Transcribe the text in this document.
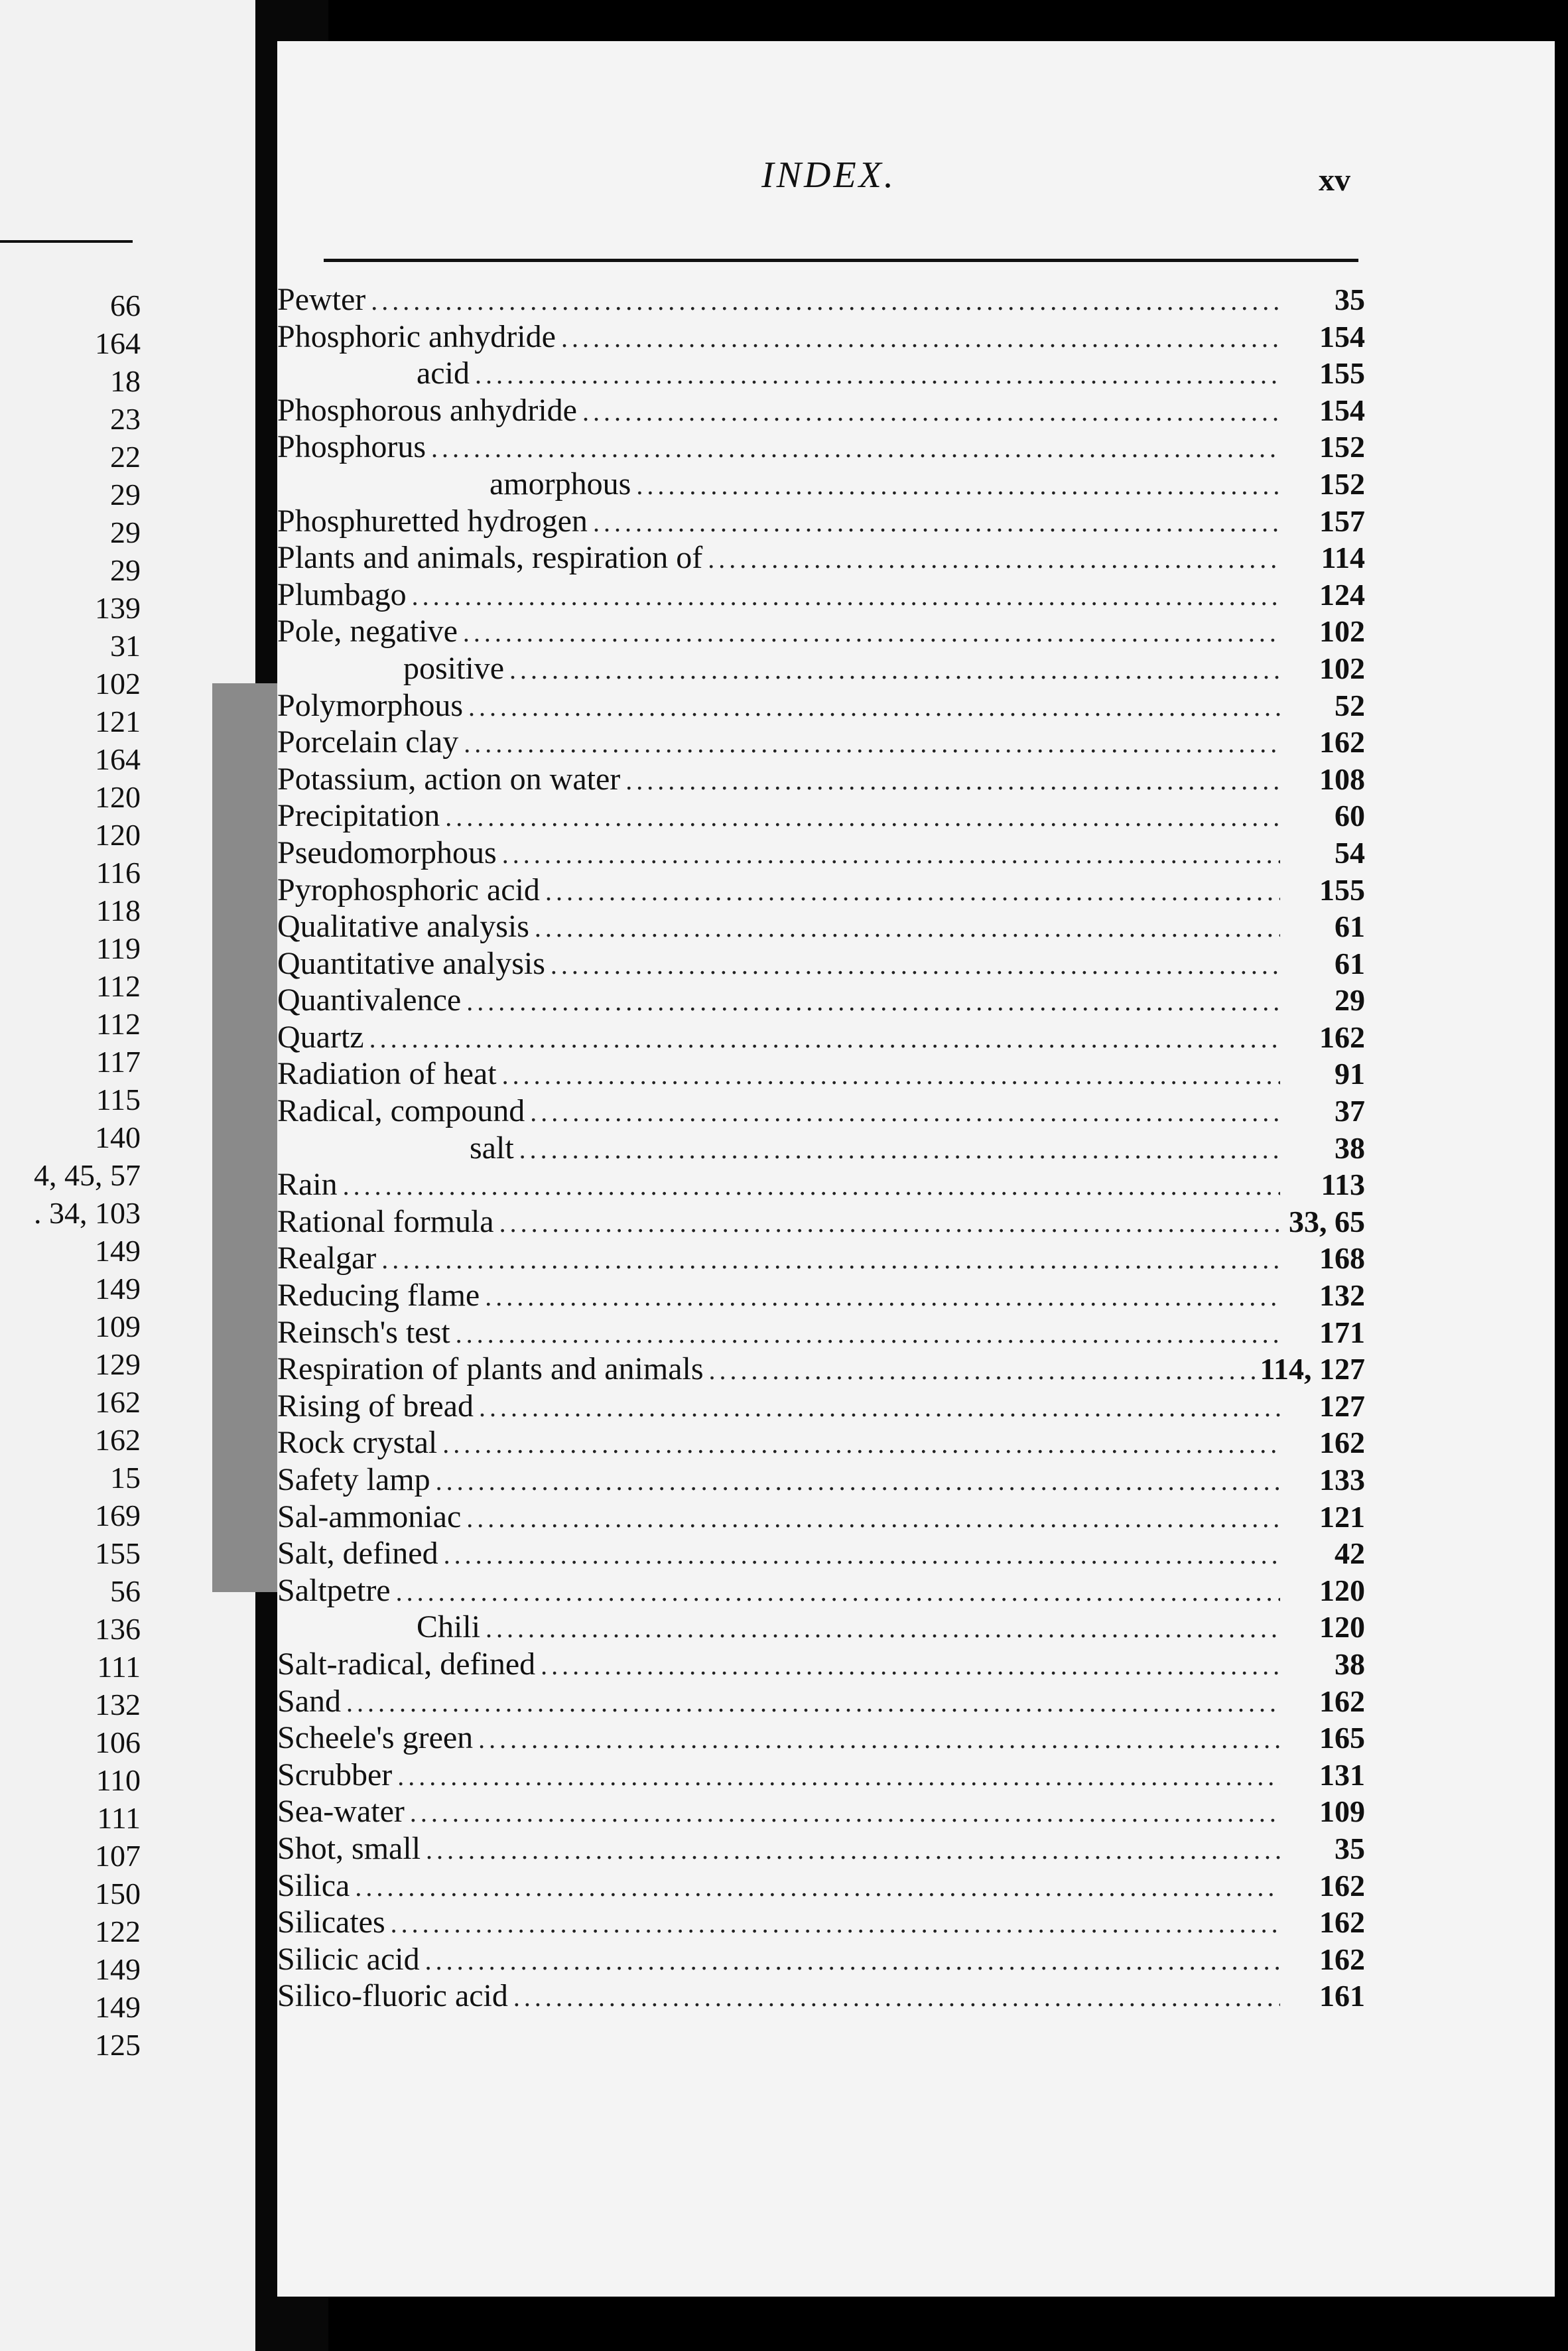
66
164
18
23
22
29
29
29
139
31
102
121
164
120
120
116
118
119
112
112
117
115
140
4, 45, 57
. 34, 103
149
149
109
129
162
162
15
169
155
56
136
111
132
106
110
111
107
150
122
149
149
125
INDEX.	xv
Pewter .....	35
Phosphoric anhydride .....	154
acid .....	155
Phosphorous anhydride .....	154
Phosphorus .....	152
amorphous .....	152
Phosphuretted hydrogen .....	157
Plants and animals, respiration of .....	114
Plumbago .....	124
Pole, negative .....	102
positive .....	102
Polymorphous .....	52
Porcelain clay .....	162
Potassium, action on water .....	108
Precipitation .....	60
Pseudomorphous .....	54
Pyrophosphoric acid .....	155
Qualitative analysis .....	61
Quantitative analysis .....	61
Quantivalence .....	29
Quartz .....	162
Radiation of heat .....	91
Radical, compound .....	37
salt .....	38
Rain .....	113
Rational formula .....	33, 65
Realgar .....	168
Reducing flame .....	132
Reinsch's test .....	171
Respiration of plants and animals .....	114, 127
Rising of bread .....	127
Rock crystal .....	162
Safety lamp .....	133
Sal-ammoniac .....	121
Salt, defined .....	42
Saltpetre .....	120
Chili .....	120
Salt-radical, defined .....	38
Sand .....	162
Scheele's green .....	165
Scrubber .....	131
Sea-water .....	109
Shot, small .....	35
Silica .....	162
Silicates .....	162
Silicic acid .....	162
Silico-fluoric acid .....	161
